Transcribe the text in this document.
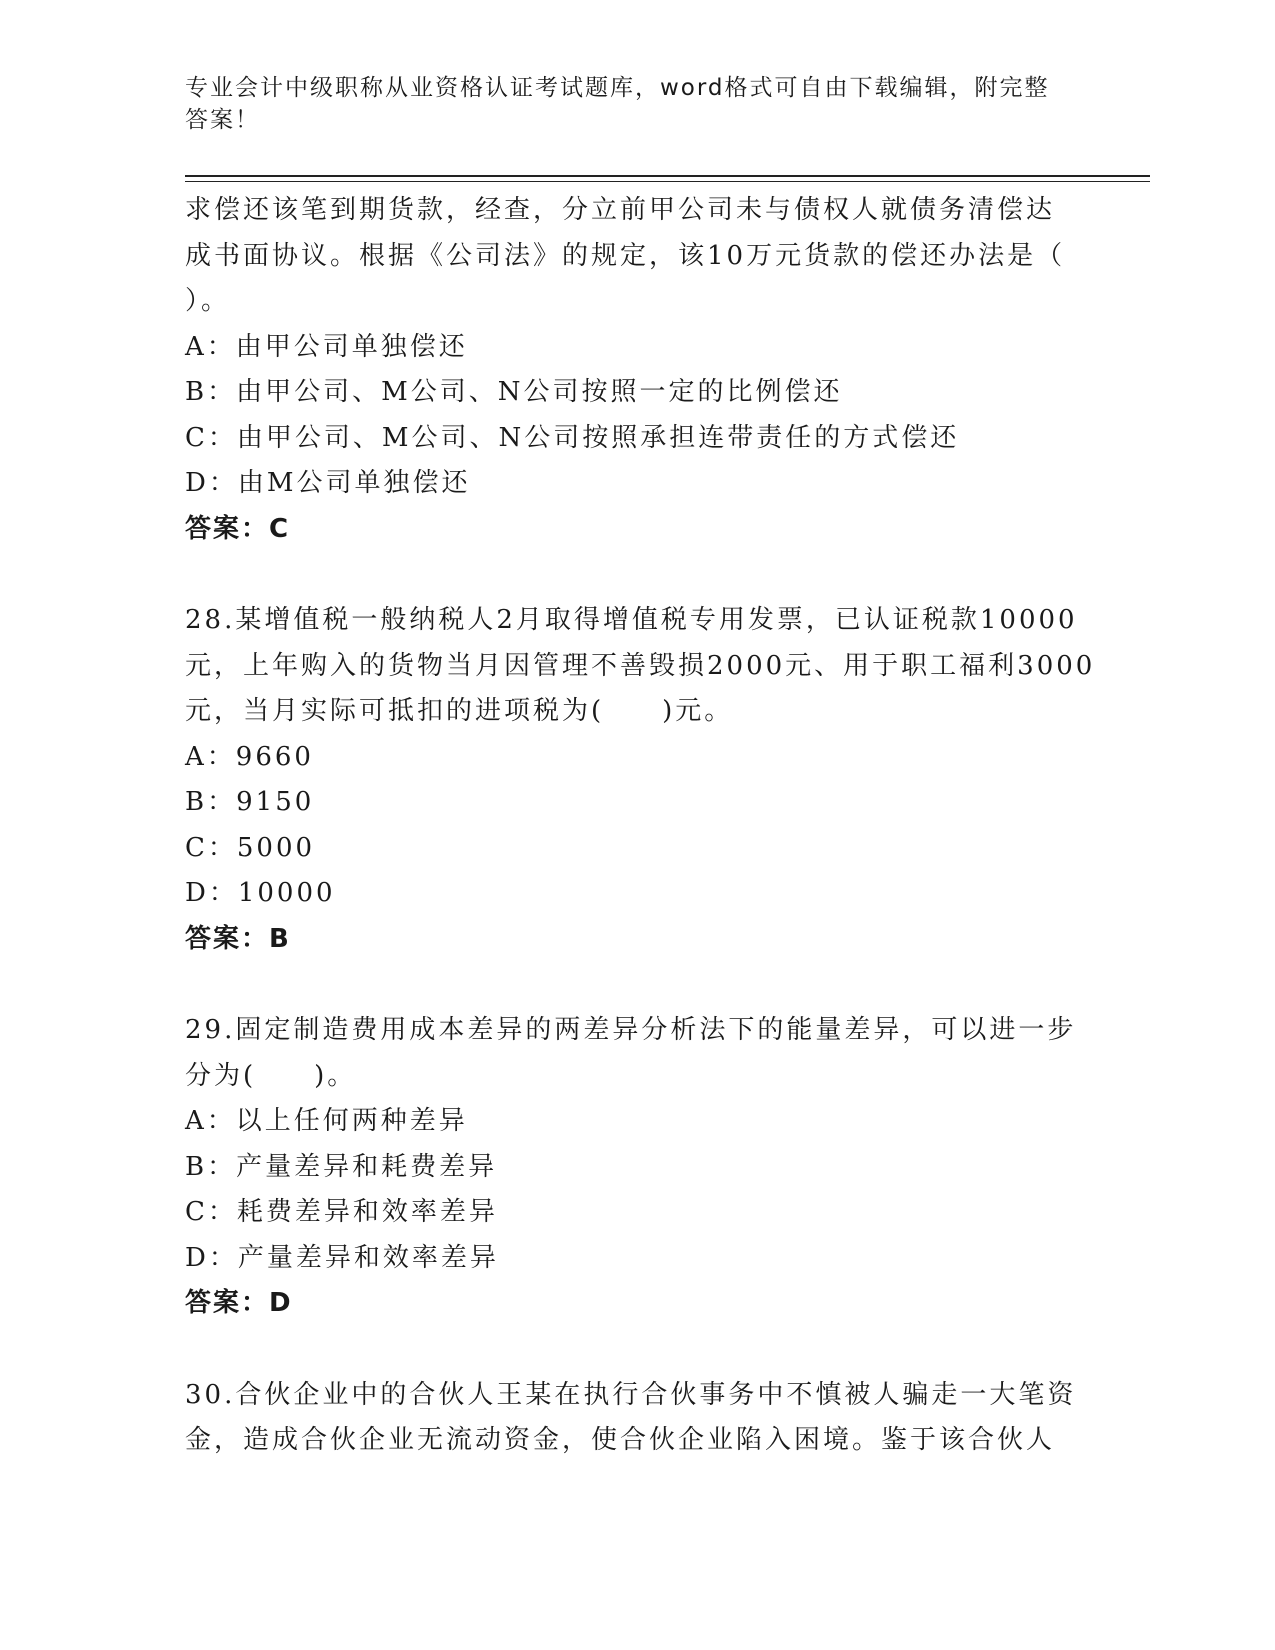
专业会计中级职称从业资格认证考试题库，word格式可自由下载编辑，附完整答案！
求偿还该笔到期货款，经查，分立前甲公司未与债权人就债务清偿达
成书面协议。根据《公司法》的规定，该10万元货款的偿还办法是（
）。
A：由甲公司单独偿还
B：由甲公司、M公司、N公司按照一定的比例偿还
C：由甲公司、M公司、N公司按照承担连带责任的方式偿还
D：由M公司单独偿还
答案：C
28.某增值税一般纳税人2月取得增值税专用发票，已认证税款10000
元，上年购入的货物当月因管理不善毁损2000元、用于职工福利3000
元，当月实际可抵扣的进项税为(　　)元。
A：9660
B：9150
C：5000
D：10000
答案：B
29.固定制造费用成本差异的两差异分析法下的能量差异，可以进一步
分为(　　)。
A：以上任何两种差异
B：产量差异和耗费差异
C：耗费差异和效率差异
D：产量差异和效率差异
答案：D
30.合伙企业中的合伙人王某在执行合伙事务中不慎被人骗走一大笔资
金，造成合伙企业无流动资金，使合伙企业陷入困境。鉴于该合伙人
